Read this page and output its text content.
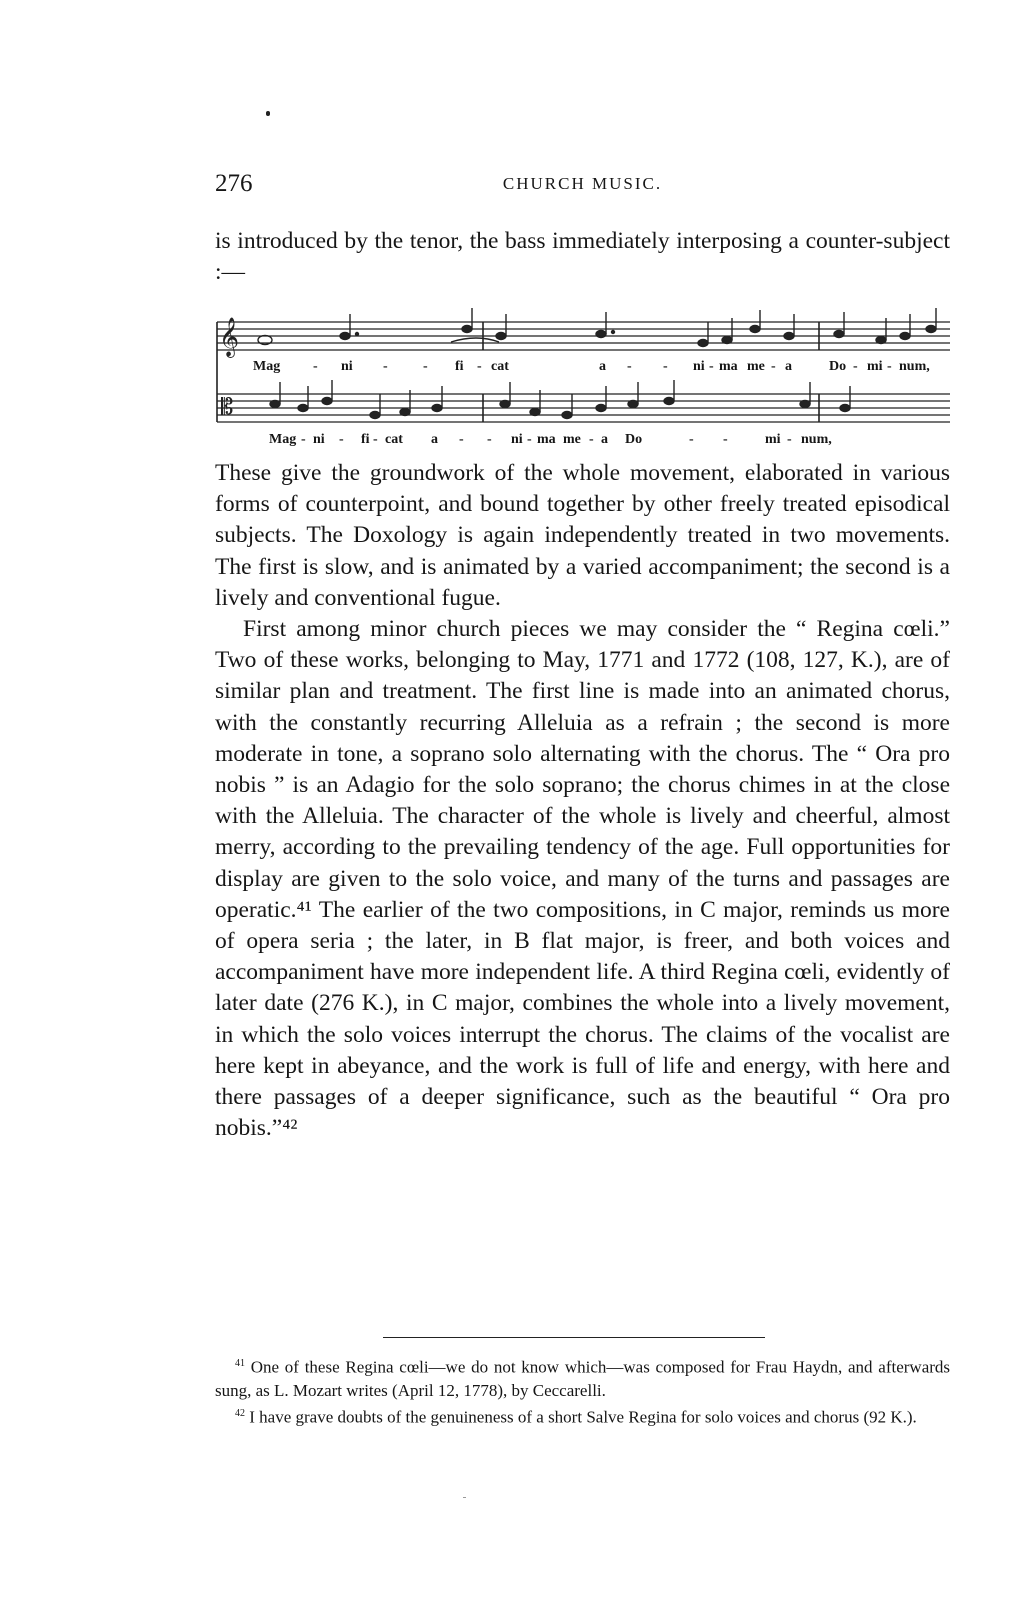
276	CHURCH MUSIC.

is introduced by the tenor, the bass immediately interposing a counter-subject :—

𝄞
𝄡
Mag - ni -	- fi - cat	a - - ni - ma me - a	Do - mi - num,
Mag - ni - fi - cat a - - ni - ma me - a Do	- -	mi - num,

These give the groundwork of the whole movement, elaborated in various forms of counterpoint, and bound together by other freely treated episodical subjects. The Doxology is again independently treated in two movements. The first is slow, and is animated by a varied accompaniment; the second is a lively and conventional fugue.

First among minor church pieces we may consider the “ Regina cœli.” Two of these works, belonging to May, 1771 and 1772 (108, 127, K.), are of similar plan and treatment. The first line is made into an animated chorus, with the constantly recurring Alleluia as a refrain ; the second is more moderate in tone, a soprano solo alternating with the chorus. The “ Ora pro nobis ” is an Adagio for the solo soprano; the chorus chimes in at the close with the Alleluia. The character of the whole is lively and cheerful, almost merry, according to the prevailing tendency of the age. Full opportunities for display are given to the solo voice, and many of the turns and passages are operatic.⁴¹ The earlier of the two compositions, in C major, reminds us more of opera seria ; the later, in B flat major, is freer, and both voices and accompaniment have more independent life. A third Regina cœli, evidently of later date (276 K.), in C major, combines the whole into a lively movement, in which the solo voices interrupt the chorus. The claims of the vocalist are here kept in abeyance, and the work is full of life and energy, with here and there passages of a deeper significance, such as the beautiful “ Ora pro nobis.”⁴²

$^{41}$ One of these Regina cœli—we do not know which—was composed for Frau Haydn, and afterwards sung, as L. Mozart writes (April 12, 1778), by Ceccarelli.

$^{42}$ I have grave doubts of the genuineness of a short Salve Regina for solo voices and chorus (92 K.).
